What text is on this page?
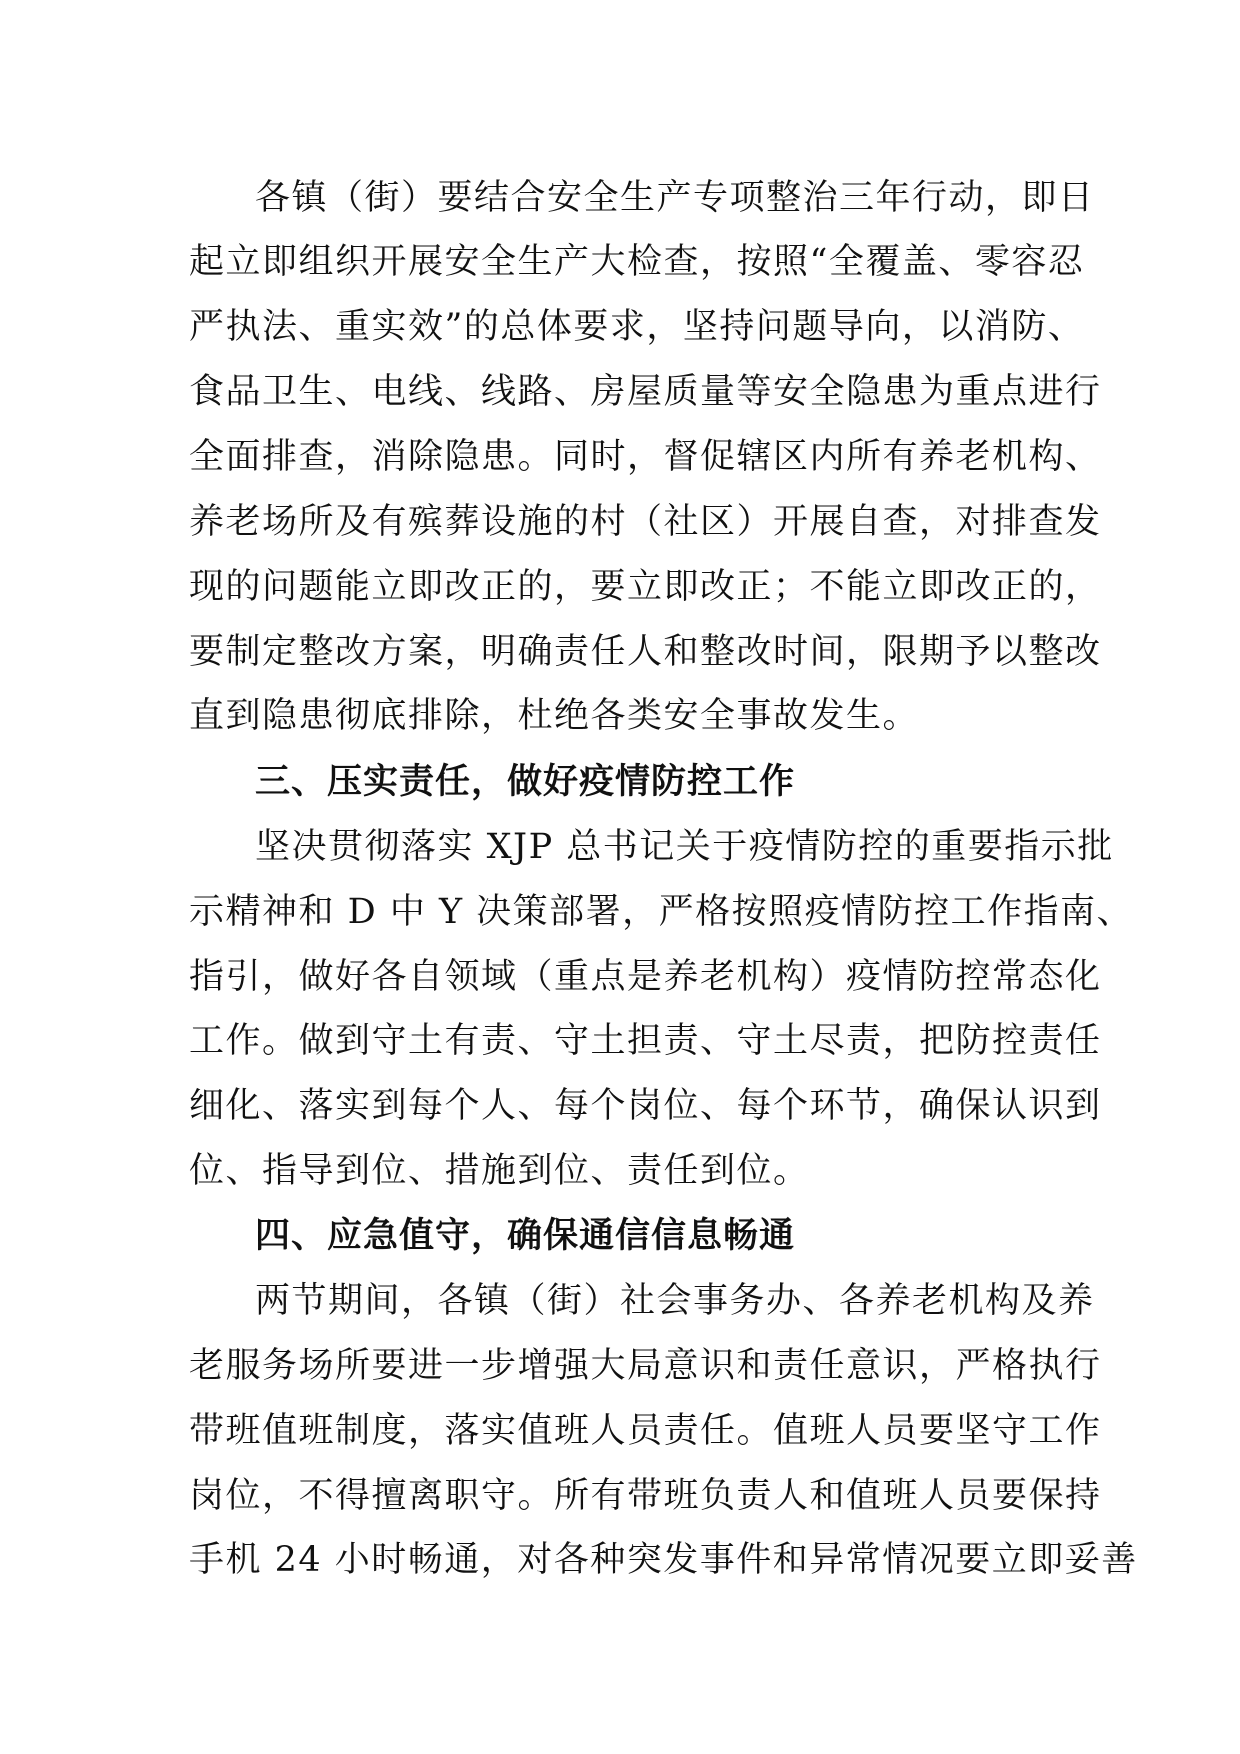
各镇（街）要结合安全生产专项整治三年行动，即日
起立即组织开展安全生产大检查，按照“全覆盖、零容忍
严执法、重实效”的总体要求，坚持问题导向，以消防、
食品卫生、电线、线路、房屋质量等安全隐患为重点进行
全面排查，消除隐患。同时，督促辖区内所有养老机构、
养老场所及有殡葬设施的村（社区）开展自查，对排查发
现的问题能立即改正的，要立即改正；不能立即改正的，
要制定整改方案，明确责任人和整改时间，限期予以整改
直到隐患彻底排除，杜绝各类安全事故发生。
三、压实责任，做好疫情防控工作
坚决贯彻落实 XJP 总书记关于疫情防控的重要指示批
示精神和 D 中 Y 决策部署，严格按照疫情防控工作指南、
指引，做好各自领域（重点是养老机构）疫情防控常态化
工作。做到守土有责、守土担责、守土尽责，把防控责任
细化、落实到每个人、每个岗位、每个环节，确保认识到
位、指导到位、措施到位、责任到位。
四、应急值守，确保通信信息畅通
两节期间，各镇（街）社会事务办、各养老机构及养
老服务场所要进一步增强大局意识和责任意识，严格执行
带班值班制度，落实值班人员责任。值班人员要坚守工作
岗位，不得擅离职守。所有带班负责人和值班人员要保持
手机 24 小时畅通，对各种突发事件和异常情况要立即妥善
